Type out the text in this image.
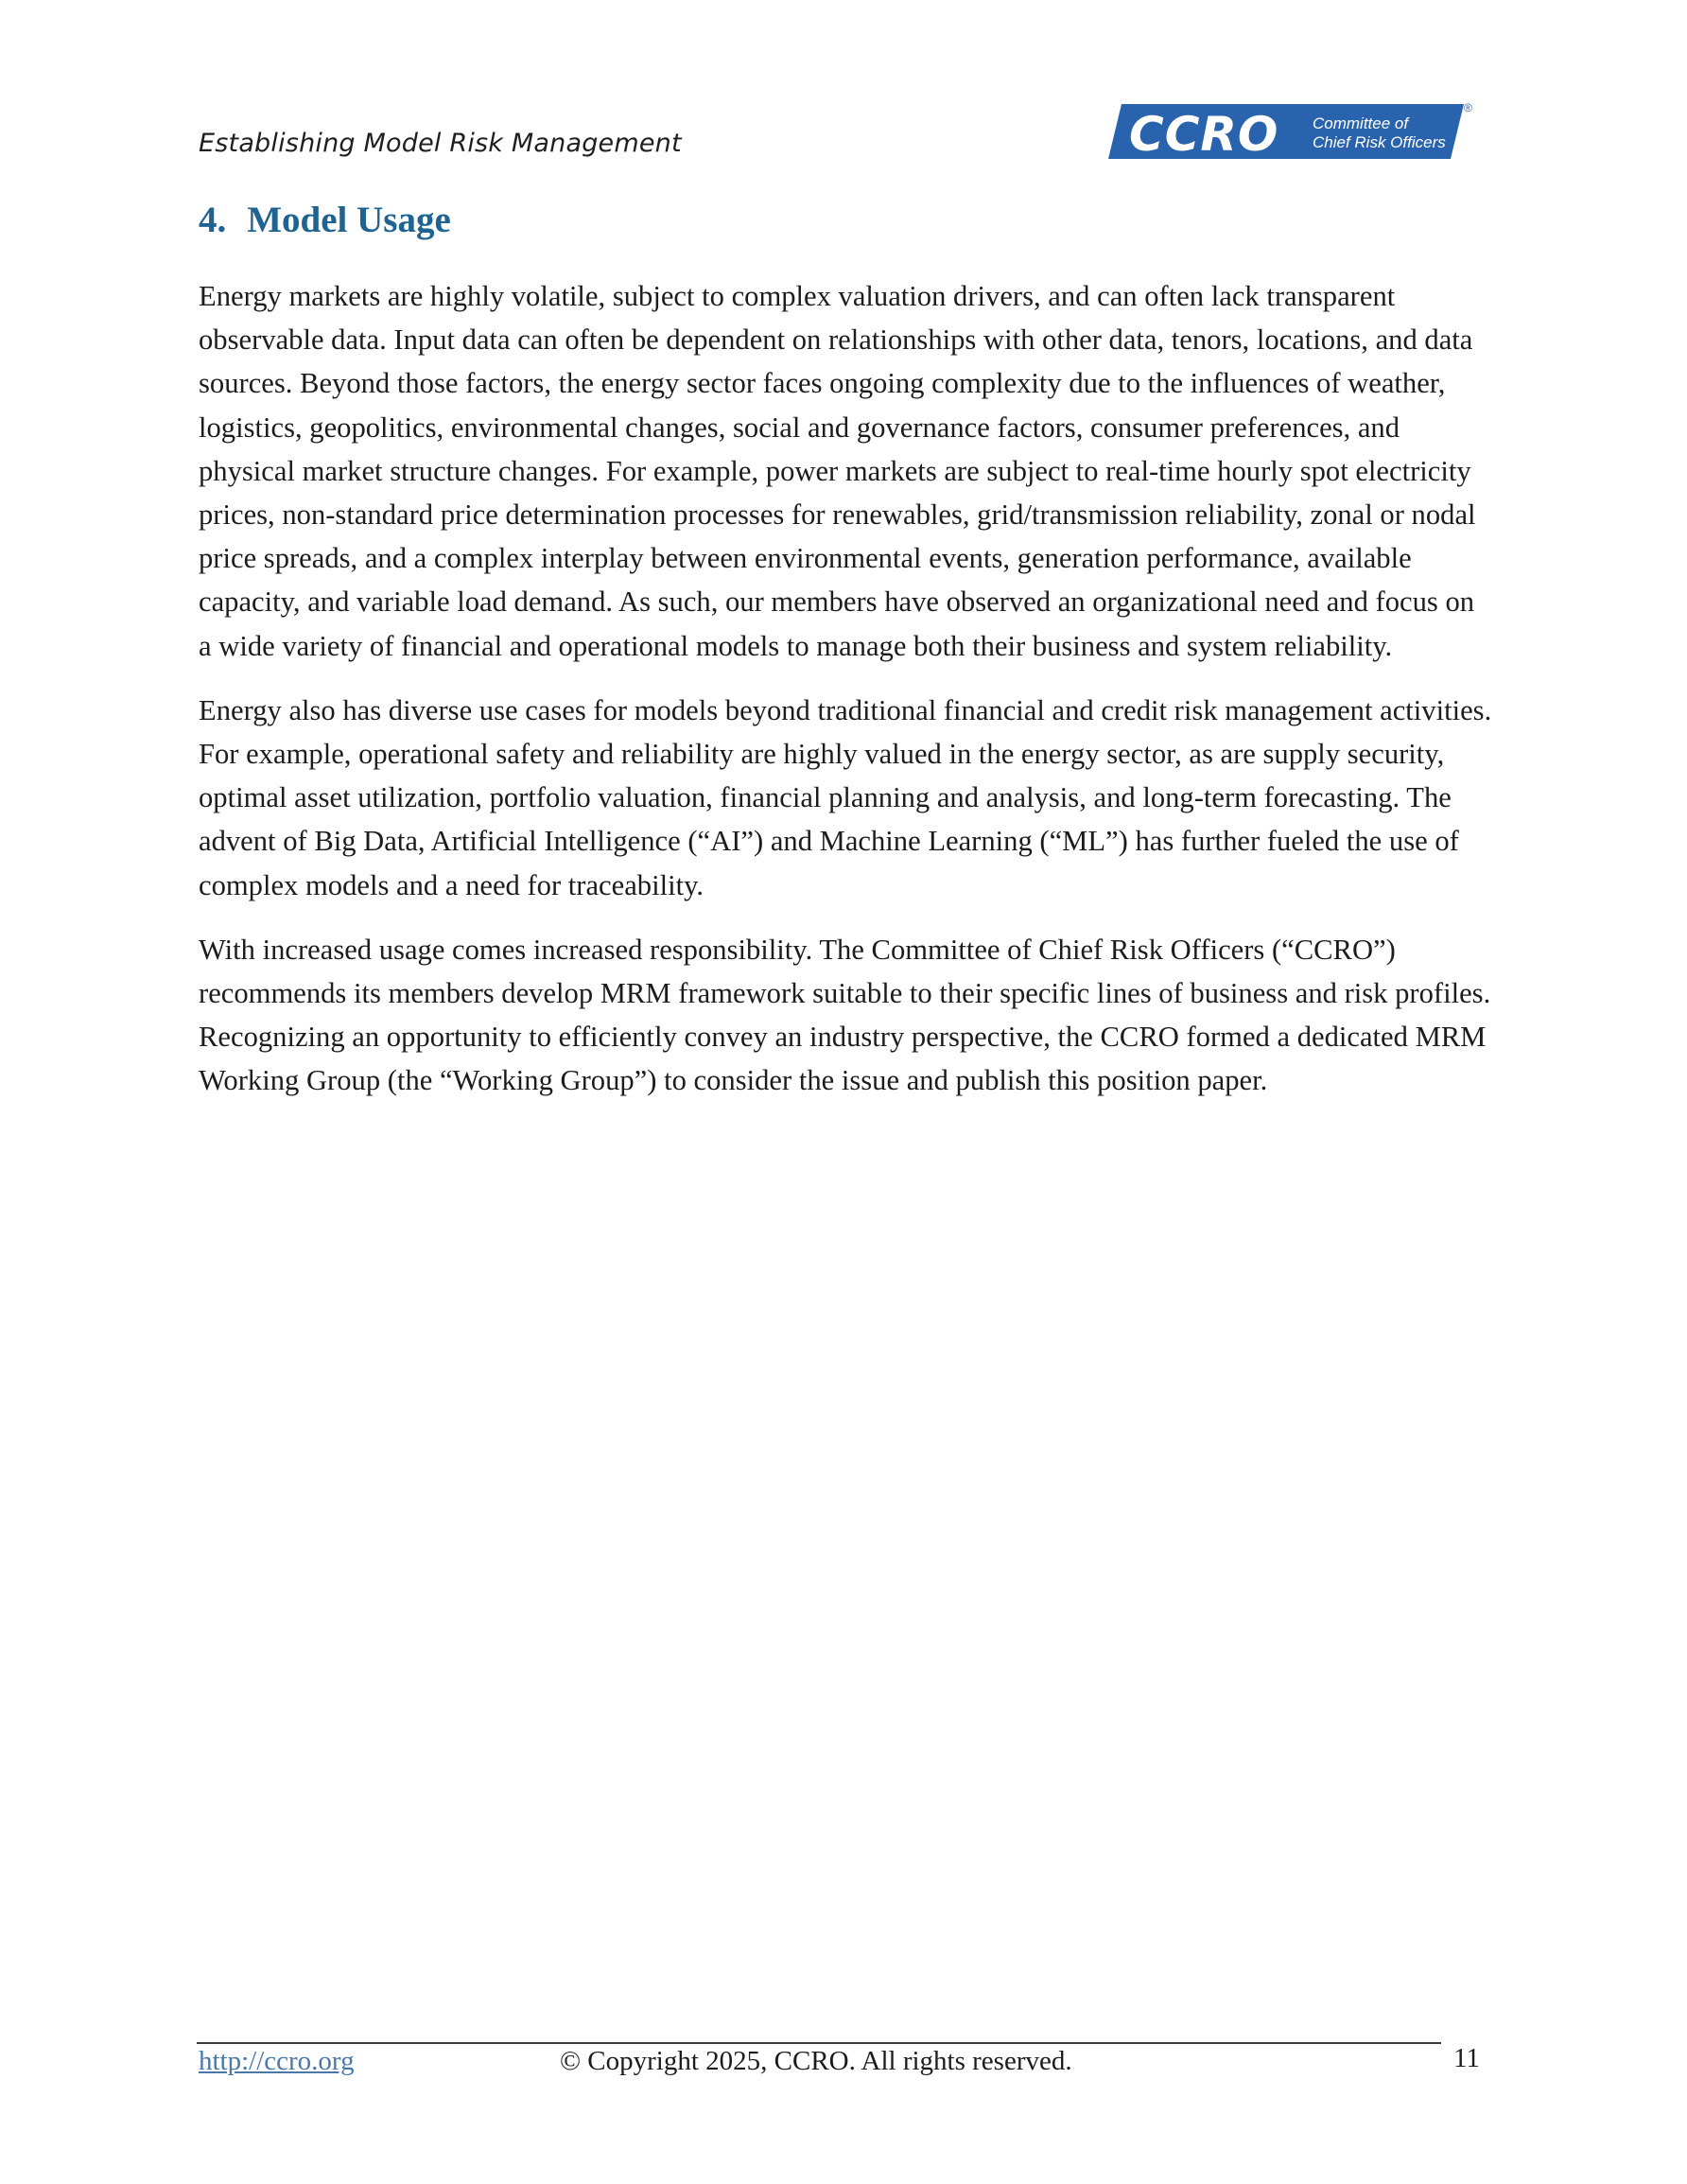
Establishing Model Risk Management	CCRO Committee of
Chief Risk Officers
®
4. Model Usage

Energy markets are highly volatile, subject to complex valuation drivers, and can often lack transparent observable data. Input data can often be dependent on relationships with other data, tenors, locations, and data sources. Beyond those factors, the energy sector faces ongoing complexity due to the influences of weather, logistics, geopolitics, environmental changes, social and governance factors, consumer preferences, and physical market structure changes. For example, power markets are subject to real-time hourly spot electricity prices, non-standard price determination processes for renewables, grid/transmission reliability, zonal or nodal price spreads, and a complex interplay between environmental events, generation performance, available capacity, and variable load demand. As such, our members have observed an organizational need and focus on a wide variety of financial and operational models to manage both their business and system reliability.

Energy also has diverse use cases for models beyond traditional financial and credit risk management activities. For example, operational safety and reliability are highly valued in the energy sector, as are supply security, optimal asset utilization, portfolio valuation, financial planning and analysis, and long-term forecasting. The advent of Big Data, Artificial Intelligence (“AI”) and Machine Learning (“ML”) has further fueled the use of complex models and a need for traceability.

With increased usage comes increased responsibility. The Committee of Chief Risk Officers (“CCRO”) recommends its members develop MRM framework suitable to their specific lines of business and risk profiles. Recognizing an opportunity to efficiently convey an industry perspective, the CCRO formed a dedicated MRM Working Group (the “Working Group”) to consider the issue and publish this position paper.

http://ccro.org	© Copyright 2025, CCRO. All rights reserved.	11
